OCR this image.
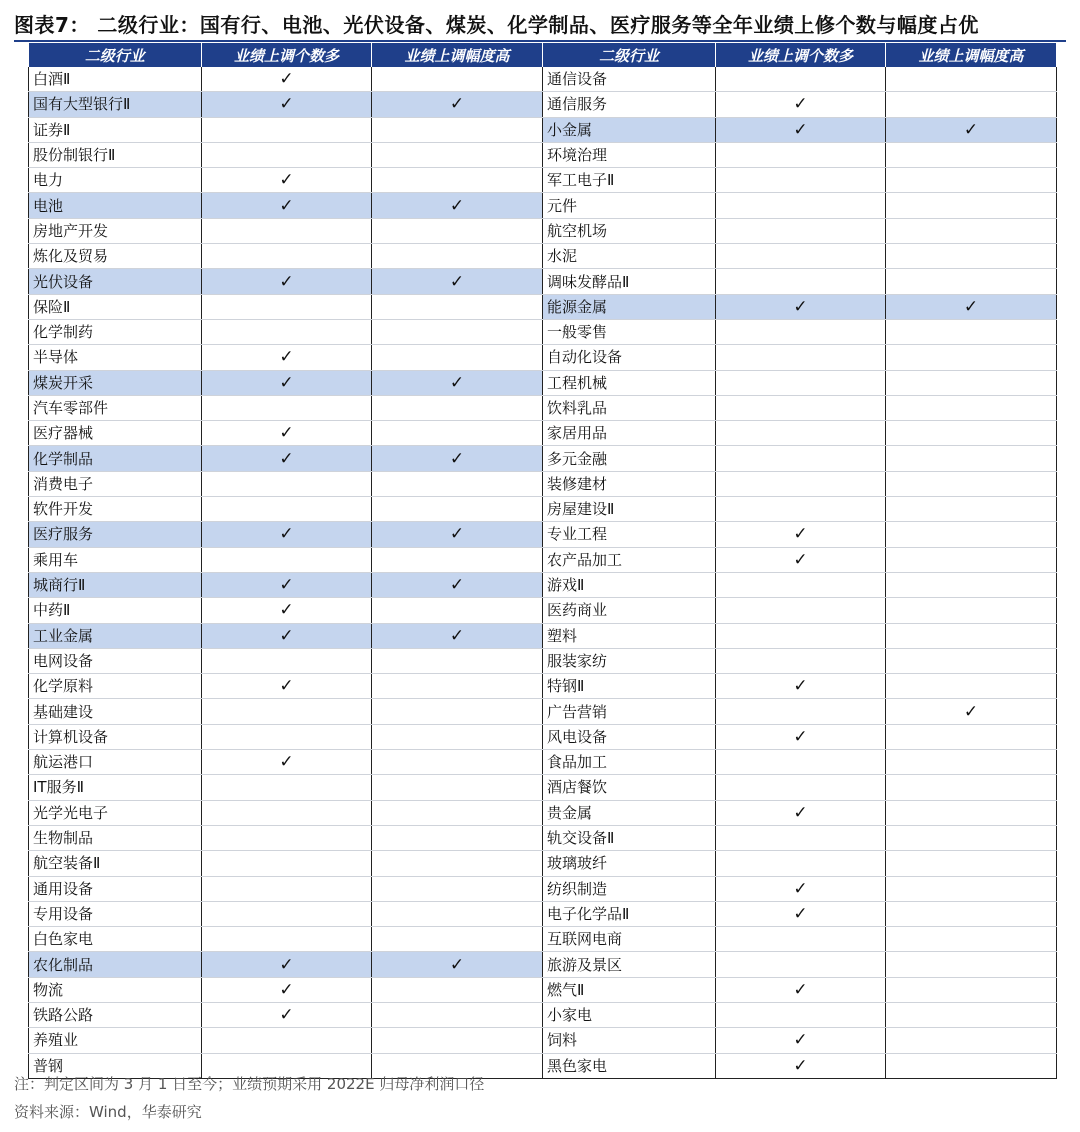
图表7： 二级行业：国有行、电池、光伏设备、煤炭、化学制品、医疗服务等全年业绩上修个数与幅度占优
二级行业	业绩上调个数多	业绩上调幅度高	二级行业	业绩上调个数多	业绩上调幅度高
白酒Ⅱ	✓		通信设备		
国有大型银行Ⅱ	✓	✓	通信服务	✓	
证券Ⅱ			小金属	✓	✓
股份制银行Ⅱ			环境治理		
电力	✓		军工电子Ⅱ		
电池	✓	✓	元件		
房地产开发			航空机场		
炼化及贸易			水泥		
光伏设备	✓	✓	调味发酵品Ⅱ		
保险Ⅱ			能源金属	✓	✓
化学制药			一般零售		
半导体	✓		自动化设备		
煤炭开采	✓	✓	工程机械		
汽车零部件			饮料乳品		
医疗器械	✓		家居用品		
化学制品	✓	✓	多元金融		
消费电子			装修建材		
软件开发			房屋建设Ⅱ		
医疗服务	✓	✓	专业工程	✓	
乘用车			农产品加工	✓	
城商行Ⅱ	✓	✓	游戏Ⅱ		
中药Ⅱ	✓		医药商业		
工业金属	✓	✓	塑料		
电网设备			服装家纺		
化学原料	✓		特钢Ⅱ	✓	
基础建设			广告营销		✓
计算机设备			风电设备	✓	
航运港口	✓		食品加工		
IT服务Ⅱ			酒店餐饮		
光学光电子			贵金属	✓	
生物制品			轨交设备Ⅱ		
航空装备Ⅱ			玻璃玻纤		
通用设备			纺织制造	✓	
专用设备			电子化学品Ⅱ	✓	
白色家电			互联网电商		
农化制品	✓	✓	旅游及景区		
物流	✓		燃气Ⅱ	✓	
铁路公路	✓		小家电		
养殖业			饲料	✓	
普钢			黑色家电	✓	
注：判定区间为 3 月 1 日至今；业绩预期采用 2022E 归母净利润口径
资料来源：Wind，华泰研究
